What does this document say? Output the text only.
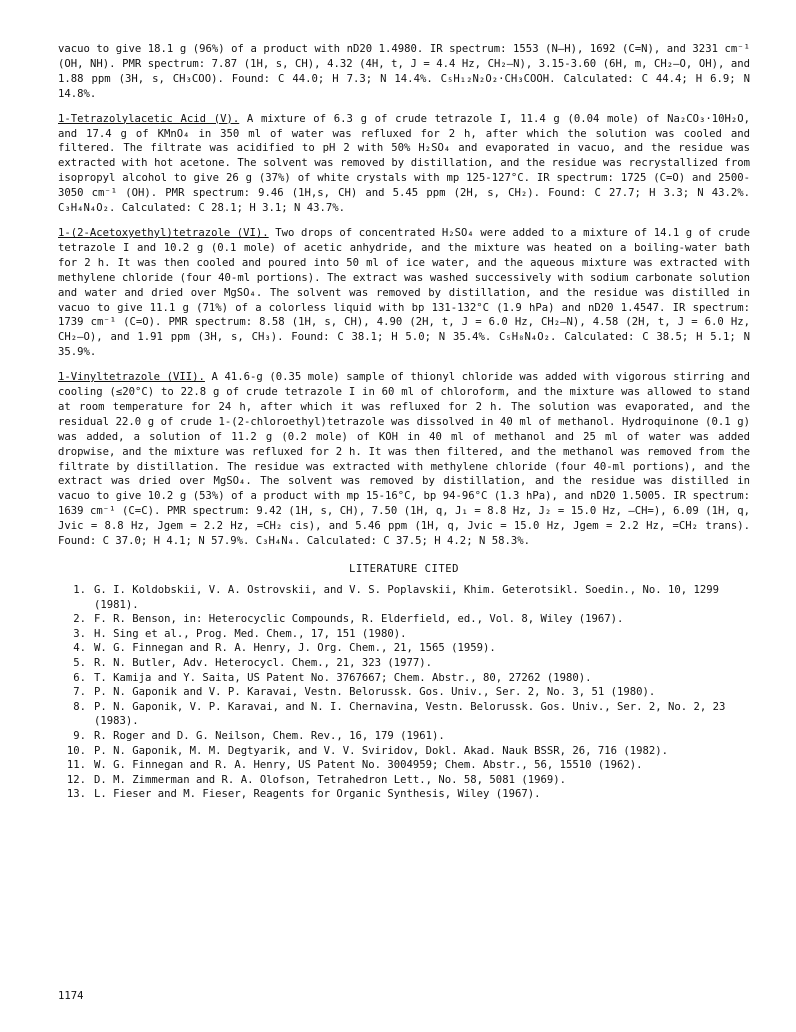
vacuo to give 18.1 g (96%) of a product with nD20 1.4980. IR spectrum: 1553 (N–H), 1692 (C=N), and 3231 cm⁻¹ (OH, NH). PMR spectrum: 7.87 (1H, s, CH), 4.32 (4H, t, J = 4.4 Hz, CH₂–N), 3.15-3.60 (6H, m, CH₂–O, OH), and 1.88 ppm (3H, s, CH₃COO). Found: C 44.0; H 7.3; N 14.4%. C₅H₁₂N₂O₂·CH₃COOH. Calculated: C 44.4; H 6.9; N 14.8%.

1-Tetrazolylacetic Acid (V). A mixture of 6.3 g of crude tetrazole I, 11.4 g (0.04 mole) of Na₂CO₃·10H₂O, and 17.4 g of KMnO₄ in 350 ml of water was refluxed for 2 h, after which the solution was cooled and filtered. The filtrate was acidified to pH 2 with 50% H₂SO₄ and evaporated in vacuo, and the residue was extracted with hot acetone. The solvent was removed by distillation, and the residue was recrystallized from isopropyl alcohol to give 26 g (37%) of white crystals with mp 125-127°C. IR spectrum: 1725 (C=O) and 2500-3050 cm⁻¹ (OH). PMR spectrum: 9.46 (1H,s, CH) and 5.45 ppm (2H, s, CH₂). Found: C 27.7; H 3.3; N 43.2%. C₃H₄N₄O₂. Calculated: C 28.1; H 3.1; N 43.7%.

1-(2-Acetoxyethyl)tetrazole (VI). Two drops of concentrated H₂SO₄ were added to a mixture of 14.1 g of crude tetrazole I and 10.2 g (0.1 mole) of acetic anhydride, and the mixture was heated on a boiling-water bath for 2 h. It was then cooled and poured into 50 ml of ice water, and the aqueous mixture was extracted with methylene chloride (four 40-ml portions). The extract was washed successively with sodium carbonate solution and water and dried over MgSO₄. The solvent was removed by distillation, and the residue was distilled in vacuo to give 11.1 g (71%) of a colorless liquid with bp 131-132°C (1.9 hPa) and nD20 1.4547. IR spectrum: 1739 cm⁻¹ (C=O). PMR spectrum: 8.58 (1H, s, CH), 4.90 (2H, t, J = 6.0 Hz, CH₂–N), 4.58 (2H, t, J = 6.0 Hz, CH₂–O), and 1.91 ppm (3H, s, CH₃). Found: C 38.1; H 5.0; N 35.4%. C₅H₈N₄O₂. Calculated: C 38.5; H 5.1; N 35.9%.

1-Vinyltetrazole (VII). A 41.6-g (0.35 mole) sample of thionyl chloride was added with vigorous stirring and cooling (≤20°C) to 22.8 g of crude tetrazole I in 60 ml of chloroform, and the mixture was allowed to stand at room temperature for 24 h, after which it was refluxed for 2 h. The solution was evaporated, and the residual 22.0 g of crude 1-(2-chloroethyl)tetrazole was dissolved in 40 ml of methanol. Hydroquinone (0.1 g) was added, a solution of 11.2 g (0.2 mole) of KOH in 40 ml of methanol and 25 ml of water was added dropwise, and the mixture was refluxed for 2 h. It was then filtered, and the methanol was removed from the filtrate by distillation. The residue was extracted with methylene chloride (four 40-ml portions), and the extract was dried over MgSO₄. The solvent was removed by distillation, and the residue was distilled in vacuo to give 10.2 g (53%) of a product with mp 15-16°C, bp 94-96°C (1.3 hPa), and nD20 1.5005. IR spectrum: 1639 cm⁻¹ (C=C). PMR spectrum: 9.42 (1H, s, CH), 7.50 (1H, q, J₁ = 8.8 Hz, J₂ = 15.0 Hz, –CH=), 6.09 (1H, q, Jvic = 8.8 Hz, Jgem = 2.2 Hz, =CH₂ cis), and 5.46 ppm (1H, q, Jvic = 15.0 Hz, Jgem = 2.2 Hz, =CH₂ trans). Found: C 37.0; H 4.1; N 57.9%. C₃H₄N₄. Calculated: C 37.5; H 4.2; N 58.3%.

LITERATURE CITED
1. G. I. Koldobskii, V. A. Ostrovskii, and V. S. Poplavskii, Khim. Geterotsikl. Soedin., No. 10, 1299 (1981).
2. F. R. Benson, in: Heterocyclic Compounds, R. Elderfield, ed., Vol. 8, Wiley (1967).
3. H. Sing et al., Prog. Med. Chem., 17, 151 (1980).
4. W. G. Finnegan and R. A. Henry, J. Org. Chem., 21, 1565 (1959).
5. R. N. Butler, Adv. Heterocycl. Chem., 21, 323 (1977).
6. T. Kamija and Y. Saita, US Patent No. 3767667; Chem. Abstr., 80, 27262 (1980).
7. P. N. Gaponik and V. P. Karavai, Vestn. Belorussk. Gos. Univ., Ser. 2, No. 3, 51 (1980).
8. P. N. Gaponik, V. P. Karavai, and N. I. Chernavina, Vestn. Belorussk. Gos. Univ., Ser. 2, No. 2, 23 (1983).
9. R. Roger and D. G. Neilson, Chem. Rev., 16, 179 (1961).
10. P. N. Gaponik, M. M. Degtyarik, and V. V. Sviridov, Dokl. Akad. Nauk BSSR, 26, 716 (1982).
11. W. G. Finnegan and R. A. Henry, US Patent No. 3004959; Chem. Abstr., 56, 15510 (1962).
12. D. M. Zimmerman and R. A. Olofson, Tetrahedron Lett., No. 58, 5081 (1969).
13. L. Fieser and M. Fieser, Reagents for Organic Synthesis, Wiley (1967).
1174
